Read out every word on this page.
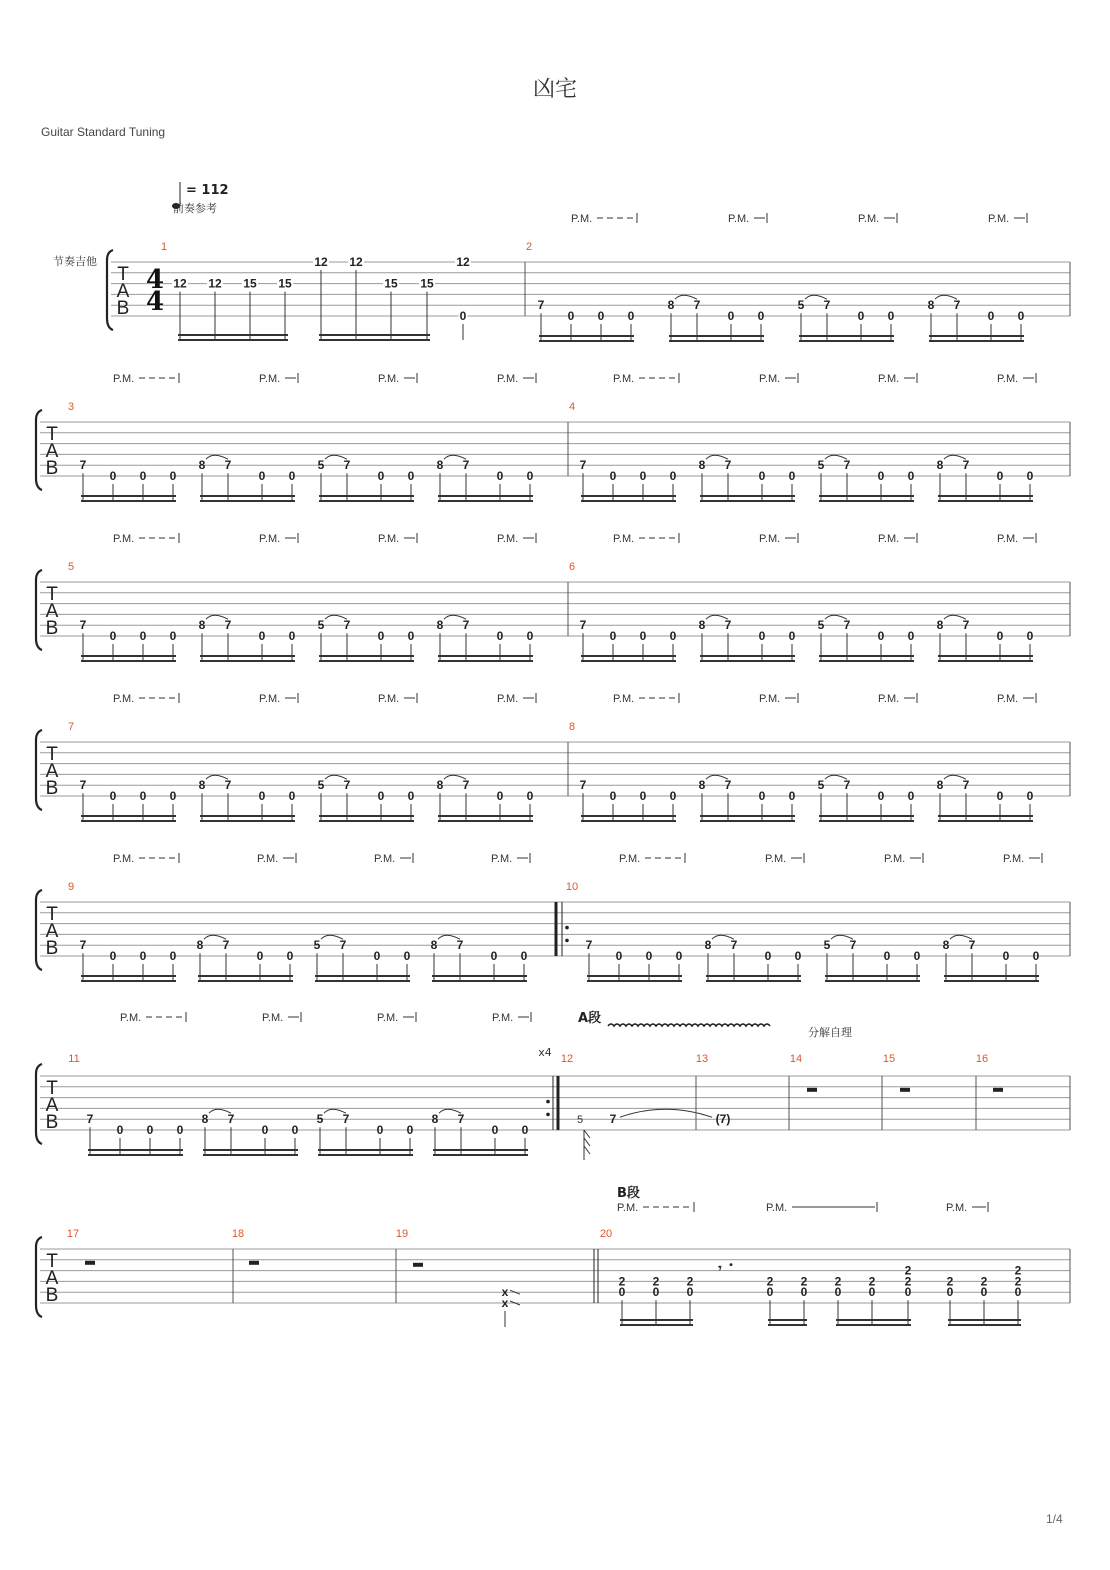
凶宅
Guitar Standard Tuning
1/4
T
A
B
节奏吉他
4
4
= 112
前奏参考
1	2
12 12 15 15
12 12
15 15
12
0
7
0 0 0
8 7
0 0
5 7
0 0
8 7
0 0
P.M.	P.M.	P.M.	P.M.
T
A
B
3	4
7
0 0 0
8 7
0 0
5 7
0 0
8 7
0 0
P.M.	P.M.	P.M.	P.M.
7
0 0 0
8 7
0 0
5 7
0 0
8 7
0 0
P.M.	P.M.	P.M.	P.M.
T
A
B
5	6
7
0 0 0
8 7
0 0
5 7
0 0
8 7
0 0
P.M.	P.M.	P.M.	P.M.
7
0 0 0
8 7
0 0
5 7
0 0
8 7
0 0
P.M.	P.M.	P.M.	P.M.
T
A
B
7	8
7
0 0 0
8 7
0 0
5 7
0 0
8 7
0 0
P.M.	P.M.	P.M.	P.M.
7
0 0 0
8 7
0 0
5 7
0 0
8 7
0 0
P.M.	P.M.	P.M.	P.M.
T
A
B
9	10
7
0 0 0
8 7
0 0
5 7
0 0
8 7
0 0
P.M.	P.M.	P.M.	P.M.
7
0 0 0
8 7
0 0
5 7
0 0
8 7
0 0
P.M.	P.M.	P.M.	P.M.
T
A
B
11
7
0 0 0
8 7
0 0
5 7
0 0
8 7
0 0
P.M.	P.M.	P.M.	P.M.
x4
A段
分解自理
12	13	14	15	16
5 7	(7)
T
A
B
17	18	19	20
x
x
B段
P.M.	P.M.	P.M.
𝄾
2
0
2
0
2
0
2
0
2
0
2
0
2
0
2
2
0
2
0
2
0
2
2
0
